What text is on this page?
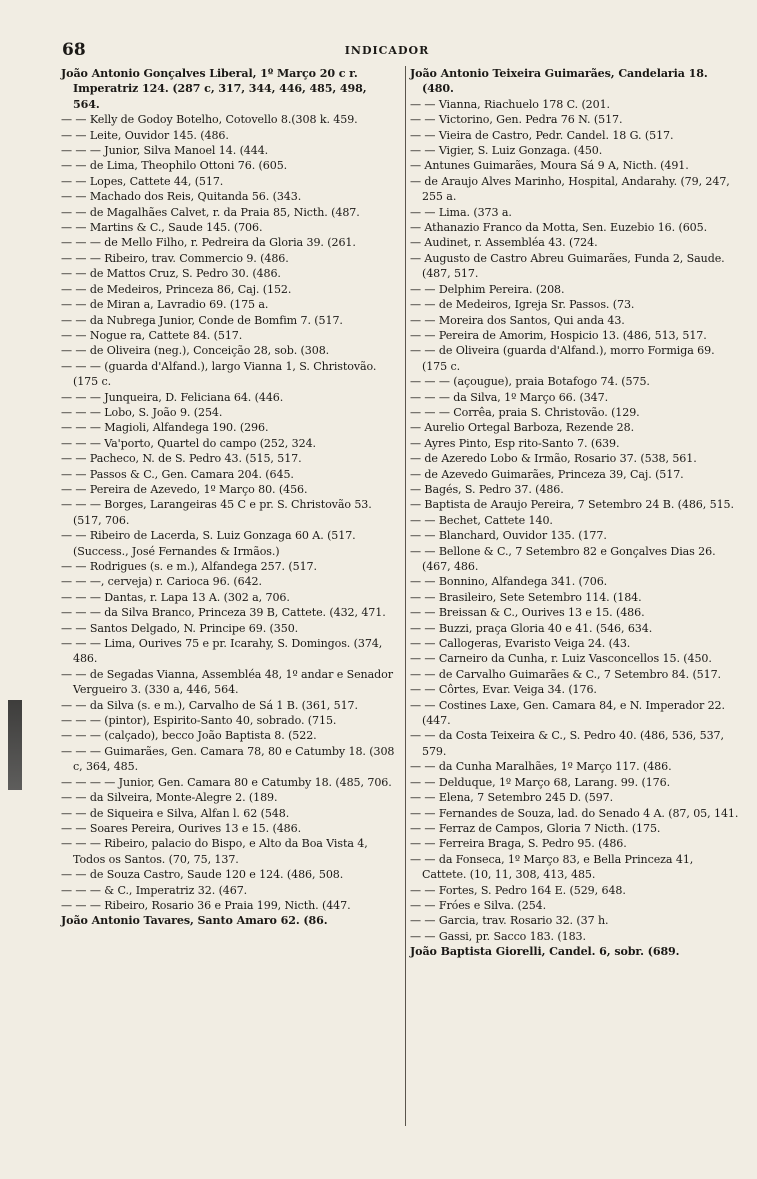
68	INDICADOR
João Antonio Gonçalves Liberal, 1º Março 20 c r. Imperatriz 124. (287 c, 317, 344, 446, 485, 498, 564.
— — Kelly de Godoy Botelho, Cotovello 8.(308 k. 459.
— — Leite, Ouvidor 145. (486.
— — — Junior, Silva Manoel 14. (444.
— — de Lima, Theophilo Ottoni 76. (605.
— — Lopes, Cattete 44, (517.
— — Machado dos Reis, Quitanda 56. (343.
— — de Magalhães Calvet, r. da Praia 85, Nicth. (487.
— — Martins & C., Saude 145. (706.
— — — de Mello Filho, r. Pedreira da Gloria 39. (261.
— — — Ribeiro, trav. Commercio 9. (486.
— — de Mattos Cruz, S. Pedro 30. (486.
— — de Medeiros, Princeza 86, Caj. (152.
— — de Miran a, Lavradio 69. (175 a.
— — da Nubrega Junior, Conde de Bomfim 7. (517.
— — Nogue ra, Cattete 84. (517.
— — de Oliveira (neg.), Conceição 28, sob. (308.
— — — (guarda d'Alfand.), largo Vianna 1, S. Christovão. (175 c.
— — — Junqueira, D. Feliciana 64. (446.
— — — Lobo, S. João 9. (254.
— — — Magioli, Alfandega 190. (296.
— — — Va'porto, Quartel do campo (252, 324.
— — Pacheco, N. de S. Pedro 43. (515, 517.
— — Passos & C., Gen. Camara 204. (645.
— — Pereira de Azevedo, 1º Março 80. (456.
— — — Borges, Larangeiras 45 C e pr. S. Christovão 53. (517, 706.
— — Ribeiro de Lacerda, S. Luiz Gonzaga 60 A. (517. (Success., José Fernandes & Irmãos.)
— — Rodrigues (s. e m.), Alfandega 257. (517.
— — —, cerveja) r. Carioca 96. (642.
— — — Dantas, r. Lapa 13 A. (302 a, 706.
— — — da Silva Branco, Princeza 39 B, Cattete. (432, 471.
— — Santos Delgado, N. Principe 69. (350.
— — — Lima, Ourives 75 e pr. Icarahy, S. Domingos. (374, 486.
— — de Segadas Vianna, Assembléa 48, 1º andar e Senador Vergueiro 3. (330 a, 446, 564.
— — da Silva (s. e m.), Carvalho de Sá 1 B. (361, 517.
— — — (pintor), Espirito-Santo 40, sobrado. (715.
— — — (calçado), becco João Baptista 8. (522.
— — — Guimarães, Gen. Camara 78, 80 e Catumby 18. (308 c, 364, 485.
— — — — Junior, Gen. Camara 80 e Catumby 18. (485, 706.
— — da Silveira, Monte-Alegre 2. (189.
— — de Siqueira e Silva, Alfan l. 62 (548.
— — Soares Pereira, Ourives 13 e 15. (486.
— — — Ribeiro, palacio do Bispo, e Alto da Boa Vista 4, Todos os Santos. (70, 75, 137.
— — de Souza Castro, Saude 120 e 124. (486, 508.
— — — & C., Imperatriz 32. (467.
— — — Ribeiro, Rosario 36 e Praia 199, Nicth. (447.
João Antonio Tavares, Santo Amaro 62. (86.
João Antonio Teixeira Guimarães, Candelaria 18. (480.
— — Vianna, Riachuelo 178 C. (201.
— — Victorino, Gen. Pedra 76 N. (517.
— — Vieira de Castro, Pedr. Candel. 18 G. (517.
— — Vigier, S. Luiz Gonzaga. (450.
— Antunes Guimarães, Moura Sá 9 A, Nicth. (491.
— de Araujo Alves Marinho, Hospital, Andarahy. (79, 247, 255 a.
— — Lima. (373 a.
— Athanazio Franco da Motta, Sen. Euzebio 16. (605.
— Audinet, r. Assembléa 43. (724.
— Augusto de Castro Abreu Guimarães, Funda 2, Saude. (487, 517.
— — Delphim Pereira. (208.
— — de Medeiros, Igreja Sr. Passos. (73.
— — Moreira dos Santos, Qui anda 43.
— — Pereira de Amorim, Hospicio 13. (486, 513, 517.
— — de Oliveira (guarda d'Alfand.), morro Formiga 69. (175 c.
— — — (açougue), praia Botafogo 74. (575.
— — — da Silva, 1º Março 66. (347.
— — — Corrêa, praia S. Christovão. (129.
— Aurelio Ortegal Barboza, Rezende 28.
— Ayres Pinto, Esp rito-Santo 7. (639.
— de Azeredo Lobo & Irmão, Rosario 37. (538, 561.
— de Azevedo Guimarães, Princeza 39, Caj. (517.
— Bagés, S. Pedro 37. (486.
— Baptista de Araujo Pereira, 7 Setembro 24 B. (486, 515.
— — Bechet, Cattete 140.
— — Blanchard, Ouvidor 135. (177.
— — Bellone & C., 7 Setembro 82 e Gonçalves Dias 26. (467, 486.
— — Bonnino, Alfandega 341. (706.
— — Brasileiro, Sete Setembro 114. (184.
— — Breissan & C., Ourives 13 e 15. (486.
— — Buzzi, praça Gloria 40 e 41. (546, 634.
— — Callogeras, Evaristo Veiga 24. (43.
— — Carneiro da Cunha, r. Luiz Vasconcellos 15. (450.
— — de Carvalho Guimarães & C., 7 Setembro 84. (517.
— — Côrtes, Evar. Veiga 34. (176.
— — Costines Laxe, Gen. Camara 84, e N. Imperador 22. (447.
— — da Costa Teixeira & C., S. Pedro 40. (486, 536, 537, 579.
— — da Cunha Maralhães, 1º Março 117. (486.
— — Delduque, 1º Março 68, Larang. 99. (176.
— — Elena, 7 Setembro 245 D. (597.
— — Fernandes de Souza, lad. do Senado 4 A. (87, 05, 141.
— — Ferraz de Campos, Gloria 7 Nicth. (175.
— — Ferreira Braga, S. Pedro 95. (486.
— — da Fonseca, 1º Março 83, e Bella Princeza 41, Cattete. (10, 11, 308, 413, 485.
— — Fortes, S. Pedro 164 E. (529, 648.
— — Fróes e Silva. (254.
— — Garcia, trav. Rosario 32. (37 h.
— — Gassi, pr. Sacco 183. (183.
João Baptista Giorelli, Candel. 6, sobr. (689.
